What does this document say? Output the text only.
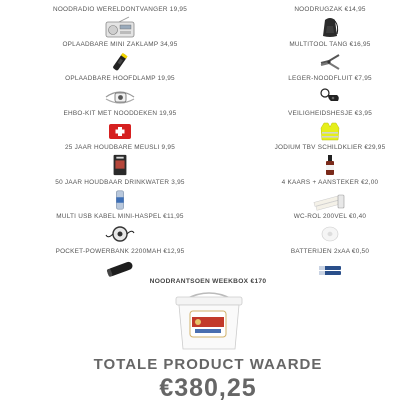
NOODRADIO WERELDONTVANGER 19,95	NOODRUGZAK €14,95
OPLAADBARE MINI ZAKLAMP 34,95	MULTITOOL TANG €16,95
OPLAADBARE HOOFDLAMP 19,95	LEGER-NOODFLUIT €7,95
EHBO-KIT MET NOODDEKEN 19,95	VEILIGHEIDSHESJE €3,95
25 JAAR HOUDBARE MEUSLI 9,95	JODIUM TBV SCHILDKLIER €29,95
50 JAAR HOUDBAAR DRINKWATER 3,95	4 KAARS + AANSTEKER €2,00
MULTI USB KABEL MINI-HASPEL €11,95	WC-ROL 200VEL €0,40
POCKET-POWERBANK 2200MAH €12,95	BATTERIJEN 2xAA €0,50
NOODRANTSOEN WEEKBOX €170
TOTALE PRODUCT WAARDE
€380,25
